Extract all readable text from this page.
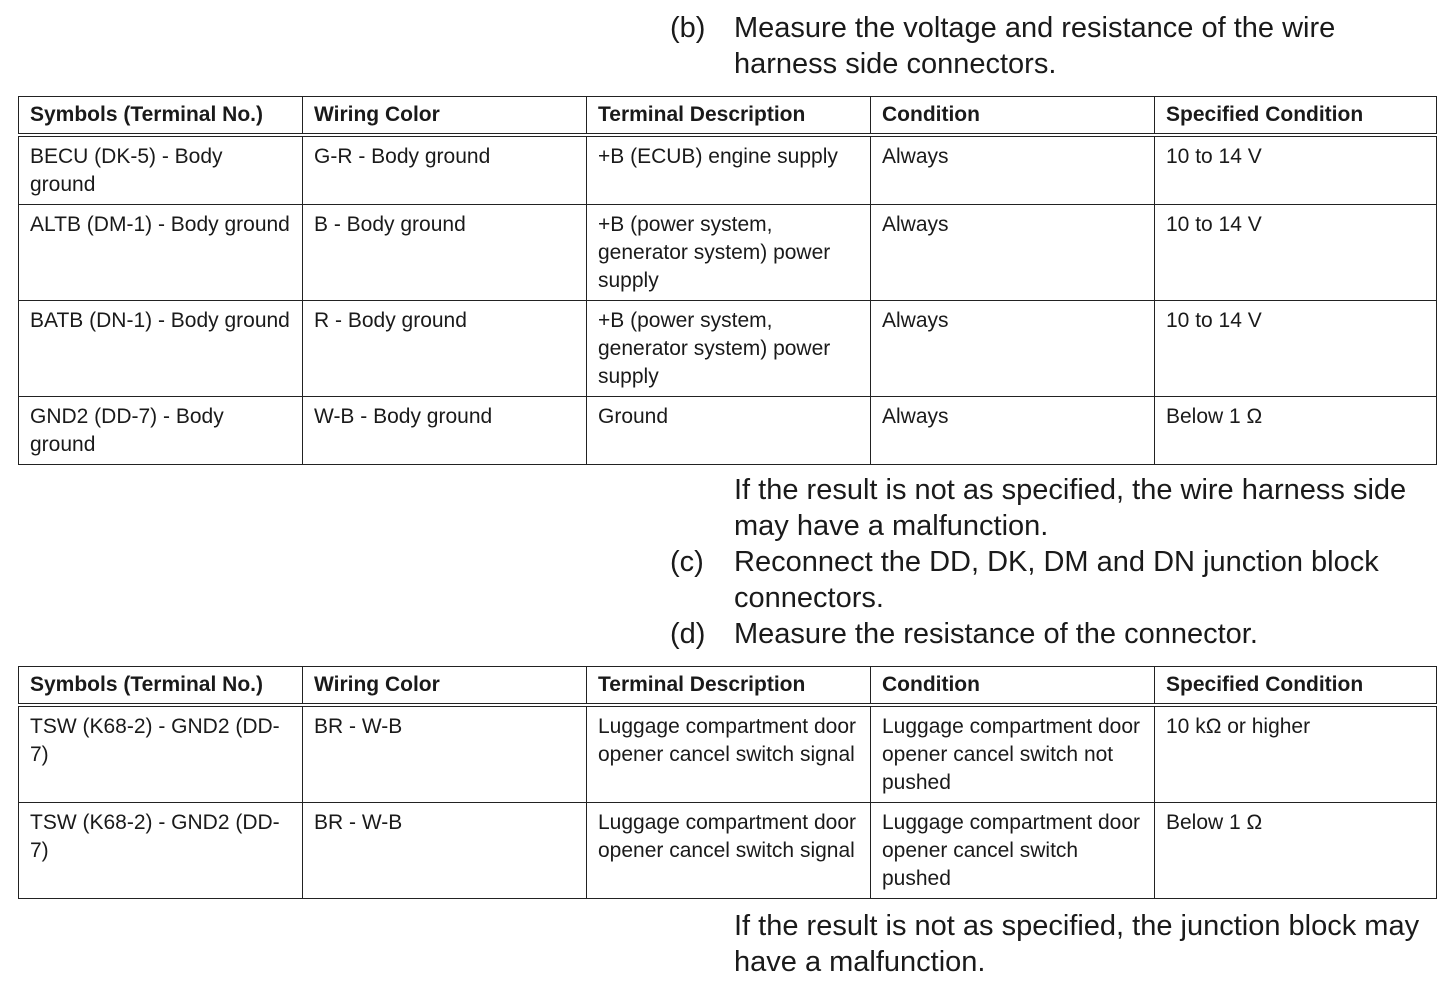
(b) Measure the voltage and resistance of the wire harness side connectors.
Symbols (Terminal No.)	Wiring Color	Terminal Description	Condition	Specified Condition
BECU (DK-5) - Body ground	G-R - Body ground	+B (ECUB) engine supply	Always	10 to 14 V
ALTB (DM-1) - Body ground	B - Body ground	+B (power system, generator system) power supply	Always	10 to 14 V
BATB (DN-1) - Body ground	R - Body ground	+B (power system, generator system) power supply	Always	10 to 14 V
GND2 (DD-7) - Body ground	W-B - Body ground	Ground	Always	Below 1 Ω
If the result is not as specified, the wire harness side may have a malfunction.
(c)	Reconnect the DD, DK, DM and DN junction block connectors.
(d) Measure the resistance of the connector.
Symbols (Terminal No.)	Wiring Color	Terminal Description	Condition	Specified Condition
TSW (K68-2) - GND2 (DD-7)	BR - W-B	Luggage compartment door opener cancel switch signal	Luggage compartment door opener cancel switch not pushed	10 kΩ or higher
TSW (K68-2) - GND2 (DD-7)	BR - W-B	Luggage compartment door opener cancel switch signal	Luggage compartment door opener cancel switch pushed	Below 1 Ω
If the result is not as specified, the junction block may have a malfunction.
